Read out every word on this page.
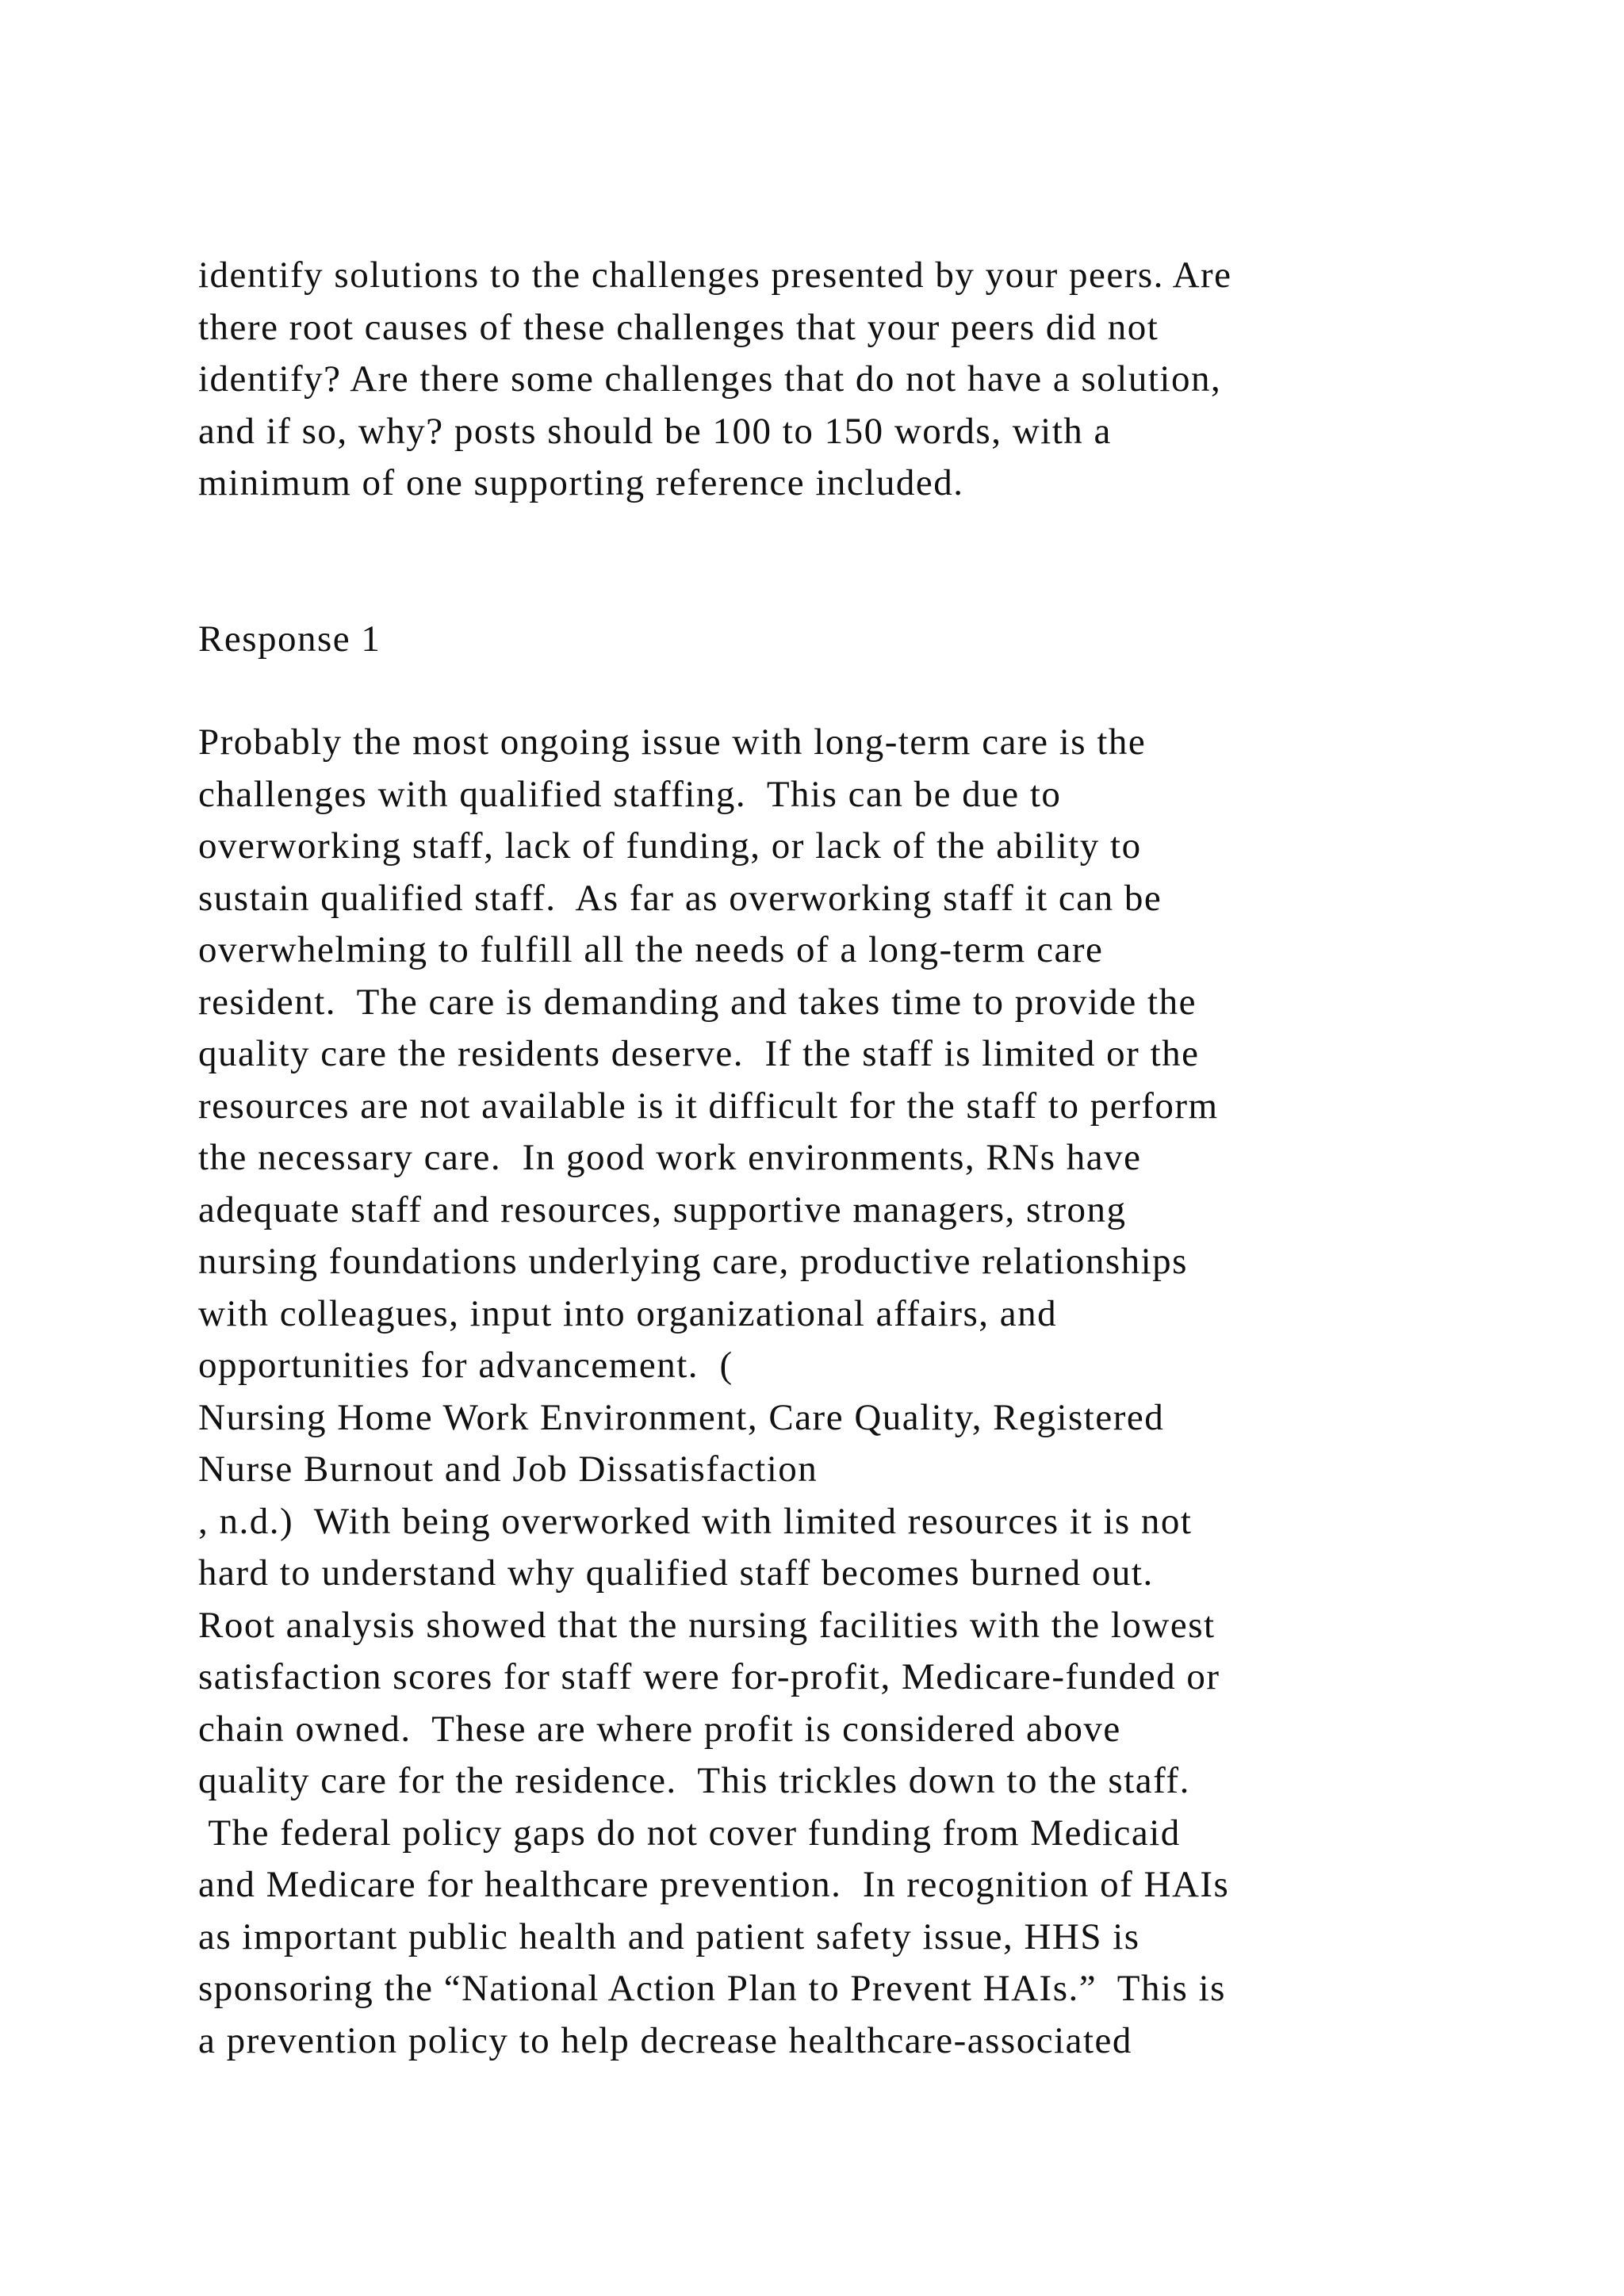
identify solutions to the challenges presented by your peers. Are
there root causes of these challenges that your peers did not
identify? Are there some challenges that do not have a solution,
and if so, why? posts should be 100 to 150 words, with a
minimum of one supporting reference included.
Response 1
Probably the most ongoing issue with long-term care is the
challenges with qualified staffing.  This can be due to
overworking staff, lack of funding, or lack of the ability to
sustain qualified staff.  As far as overworking staff it can be
overwhelming to fulfill all the needs of a long-term care
resident.  The care is demanding and takes time to provide the
quality care the residents deserve.  If the staff is limited or the
resources are not available is it difficult for the staff to perform
the necessary care.  In good work environments, RNs have
adequate staff and resources, supportive managers, strong
nursing foundations underlying care, productive relationships
with colleagues, input into organizational affairs, and
opportunities for advancement.  (
Nursing Home Work Environment, Care Quality, Registered
Nurse Burnout and Job Dissatisfaction
, n.d.)  With being overworked with limited resources it is not
hard to understand why qualified staff becomes burned out.
Root analysis showed that the nursing facilities with the lowest
satisfaction scores for staff were for-profit, Medicare-funded or
chain owned.  These are where profit is considered above
quality care for the residence.  This trickles down to the staff.
The federal policy gaps do not cover funding from Medicaid
and Medicare for healthcare prevention.  In recognition of HAIs
as important public health and patient safety issue, HHS is
sponsoring the “National Action Plan to Prevent HAIs.”  This is
a prevention policy to help decrease healthcare-associated
